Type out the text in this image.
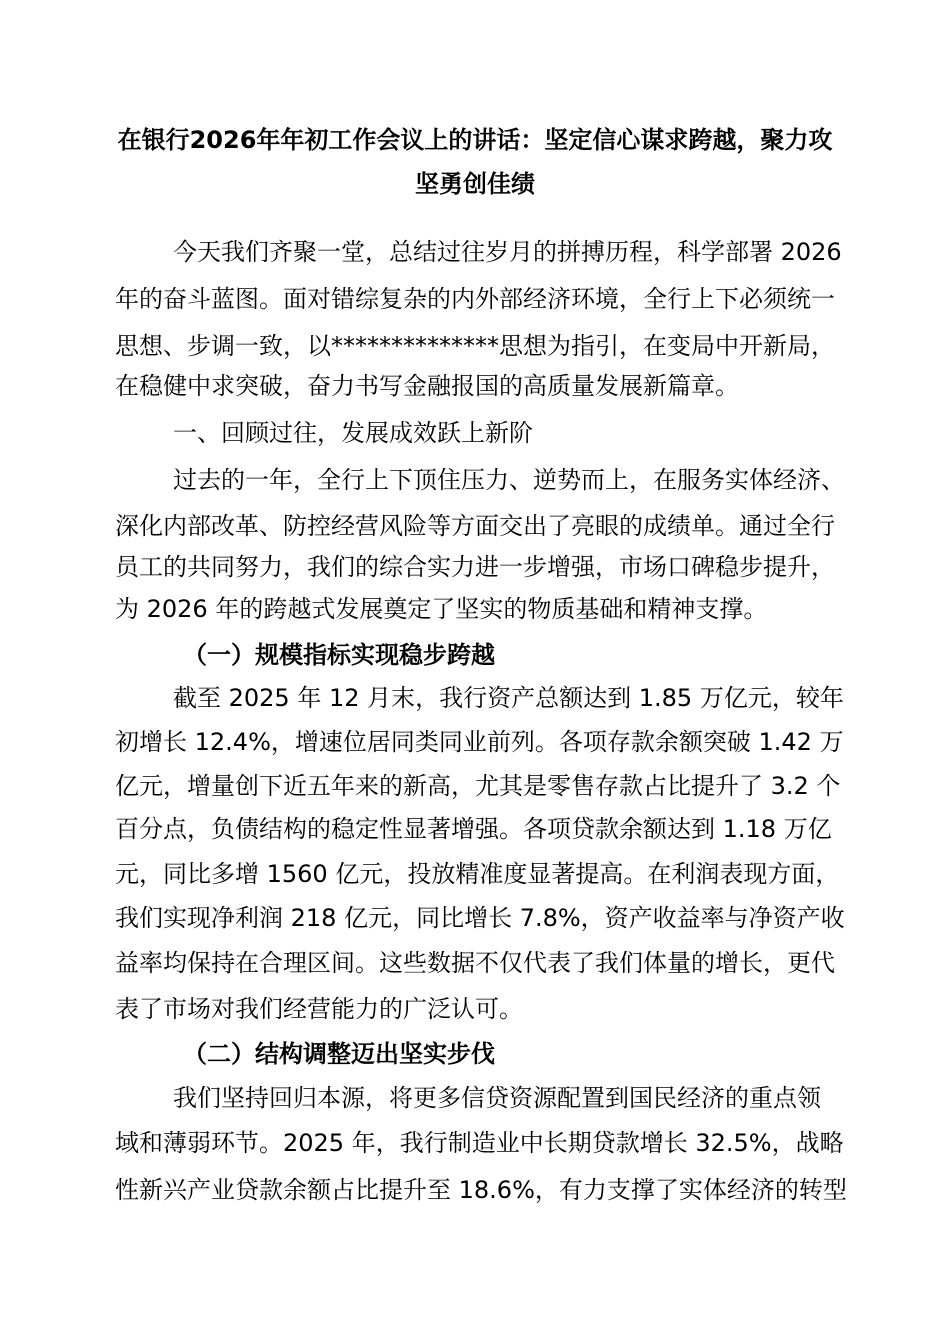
在银行2026年年初工作会议上的讲话：坚定信心谋求跨越，聚力攻
坚勇创佳绩
今天我们齐聚一堂，总结过往岁月的拼搏历程，科学部署 2026
年的奋斗蓝图。面对错综复杂的内外部经济环境，全行上下必须统一
思想、步调一致，以**************思想为指引，在变局中开新局，
在稳健中求突破，奋力书写金融报国的高质量发展新篇章。
一、回顾过往，发展成效跃上新阶
过去的一年，全行上下顶住压力、逆势而上，在服务实体经济、
深化内部改革、防控经营风险等方面交出了亮眼的成绩单。通过全行
员工的共同努力，我们的综合实力进一步增强，市场口碑稳步提升，
为 2026 年的跨越式发展奠定了坚实的物质基础和精神支撑。
（一）规模指标实现稳步跨越
截至 2025 年 12 月末，我行资产总额达到 1.85 万亿元，较年
初增长 12.4%，增速位居同类同业前列。各项存款余额突破 1.42 万
亿元，增量创下近五年来的新高，尤其是零售存款占比提升了 3.2 个
百分点，负债结构的稳定性显著增强。各项贷款余额达到 1.18 万亿
元，同比多增 1560 亿元，投放精准度显著提高。在利润表现方面，
我们实现净利润 218 亿元，同比增长 7.8%，资产收益率与净资产收
益率均保持在合理区间。这些数据不仅代表了我们体量的增长，更代
表了市场对我们经营能力的广泛认可。
（二）结构调整迈出坚实步伐
我们坚持回归本源，将更多信贷资源配置到国民经济的重点领
域和薄弱环节。2025 年，我行制造业中长期贷款增长 32.5%，战略
性新兴产业贷款余额占比提升至 18.6%，有力支撑了实体经济的转型
